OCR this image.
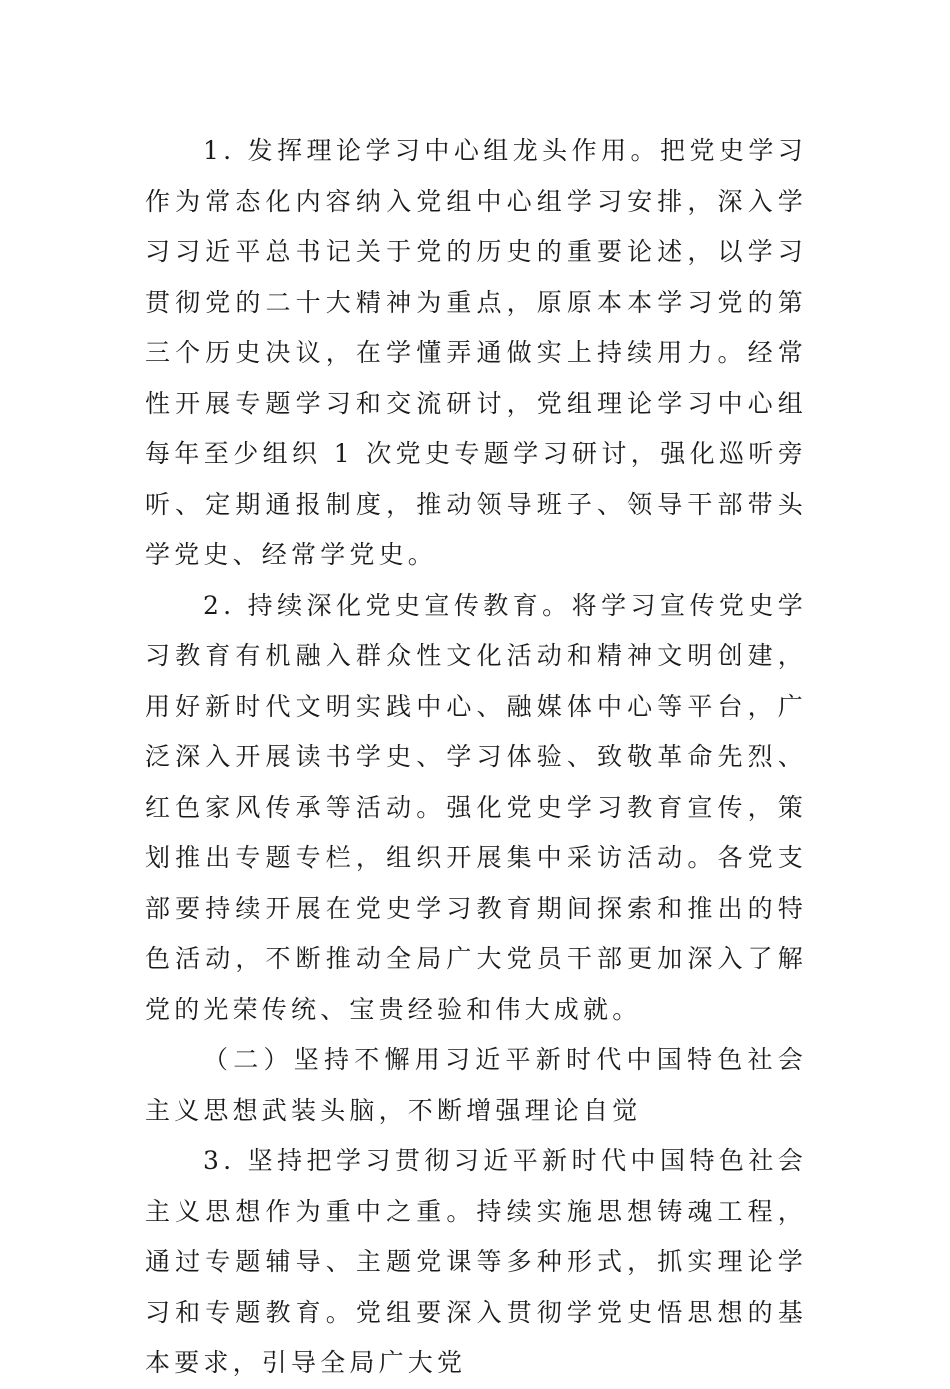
1. 发挥理论学习中心组龙头作用。把党史学习作为常态化内容纳入党组中心组学习安排，深入学习习近平总书记关于党的历史的重要论述，以学习贯彻党的二十大精神为重点，原原本本学习党的第三个历史决议，在学懂弄通做实上持续用力。经常性开展专题学习和交流研讨，党组理论学习中心组每年至少组织 1 次党史专题学习研讨，强化巡听旁听、定期通报制度，推动领导班子、领导干部带头学党史、经常学党史。

2. 持续深化党史宣传教育。将学习宣传党史学习教育有机融入群众性文化活动和精神文明创建，用好新时代文明实践中心、融媒体中心等平台，广泛深入开展读书学史、学习体验、致敬革命先烈、红色家风传承等活动。强化党史学习教育宣传，策划推出专题专栏，组织开展集中采访活动。各党支部要持续开展在党史学习教育期间探索和推出的特色活动，不断推动全局广大党员干部更加深入了解党的光荣传统、宝贵经验和伟大成就。

（二）坚持不懈用习近平新时代中国特色社会主义思想武装头脑，不断增强理论自觉

3. 坚持把学习贯彻习近平新时代中国特色社会主义思想作为重中之重。持续实施思想铸魂工程，通过专题辅导、主题党课等多种形式，抓实理论学习和专题教育。党组要深入贯彻学党史悟思想的基本要求，引导全局广大党
